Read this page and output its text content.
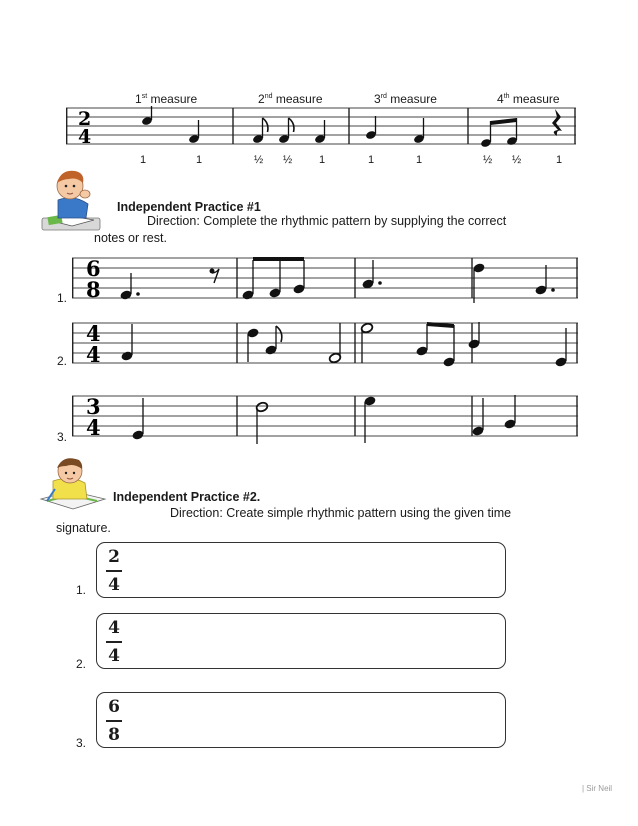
1st measure	2nd measure	3rd measure	4th measure
2
4
1	1	½ ½ 1	1	1	½ ½	1
Independent Practice #1
Direction: Complete the rhythmic pattern by supplying the correct
notes or rest.
1.
6
8
2.
4
4
3.
3
4
Independent Practice #2.
Direction: Create simple rhythmic pattern using the given time
signature.
1.
2
4
2.
4
4
3.
6
8
| Sir Neil
